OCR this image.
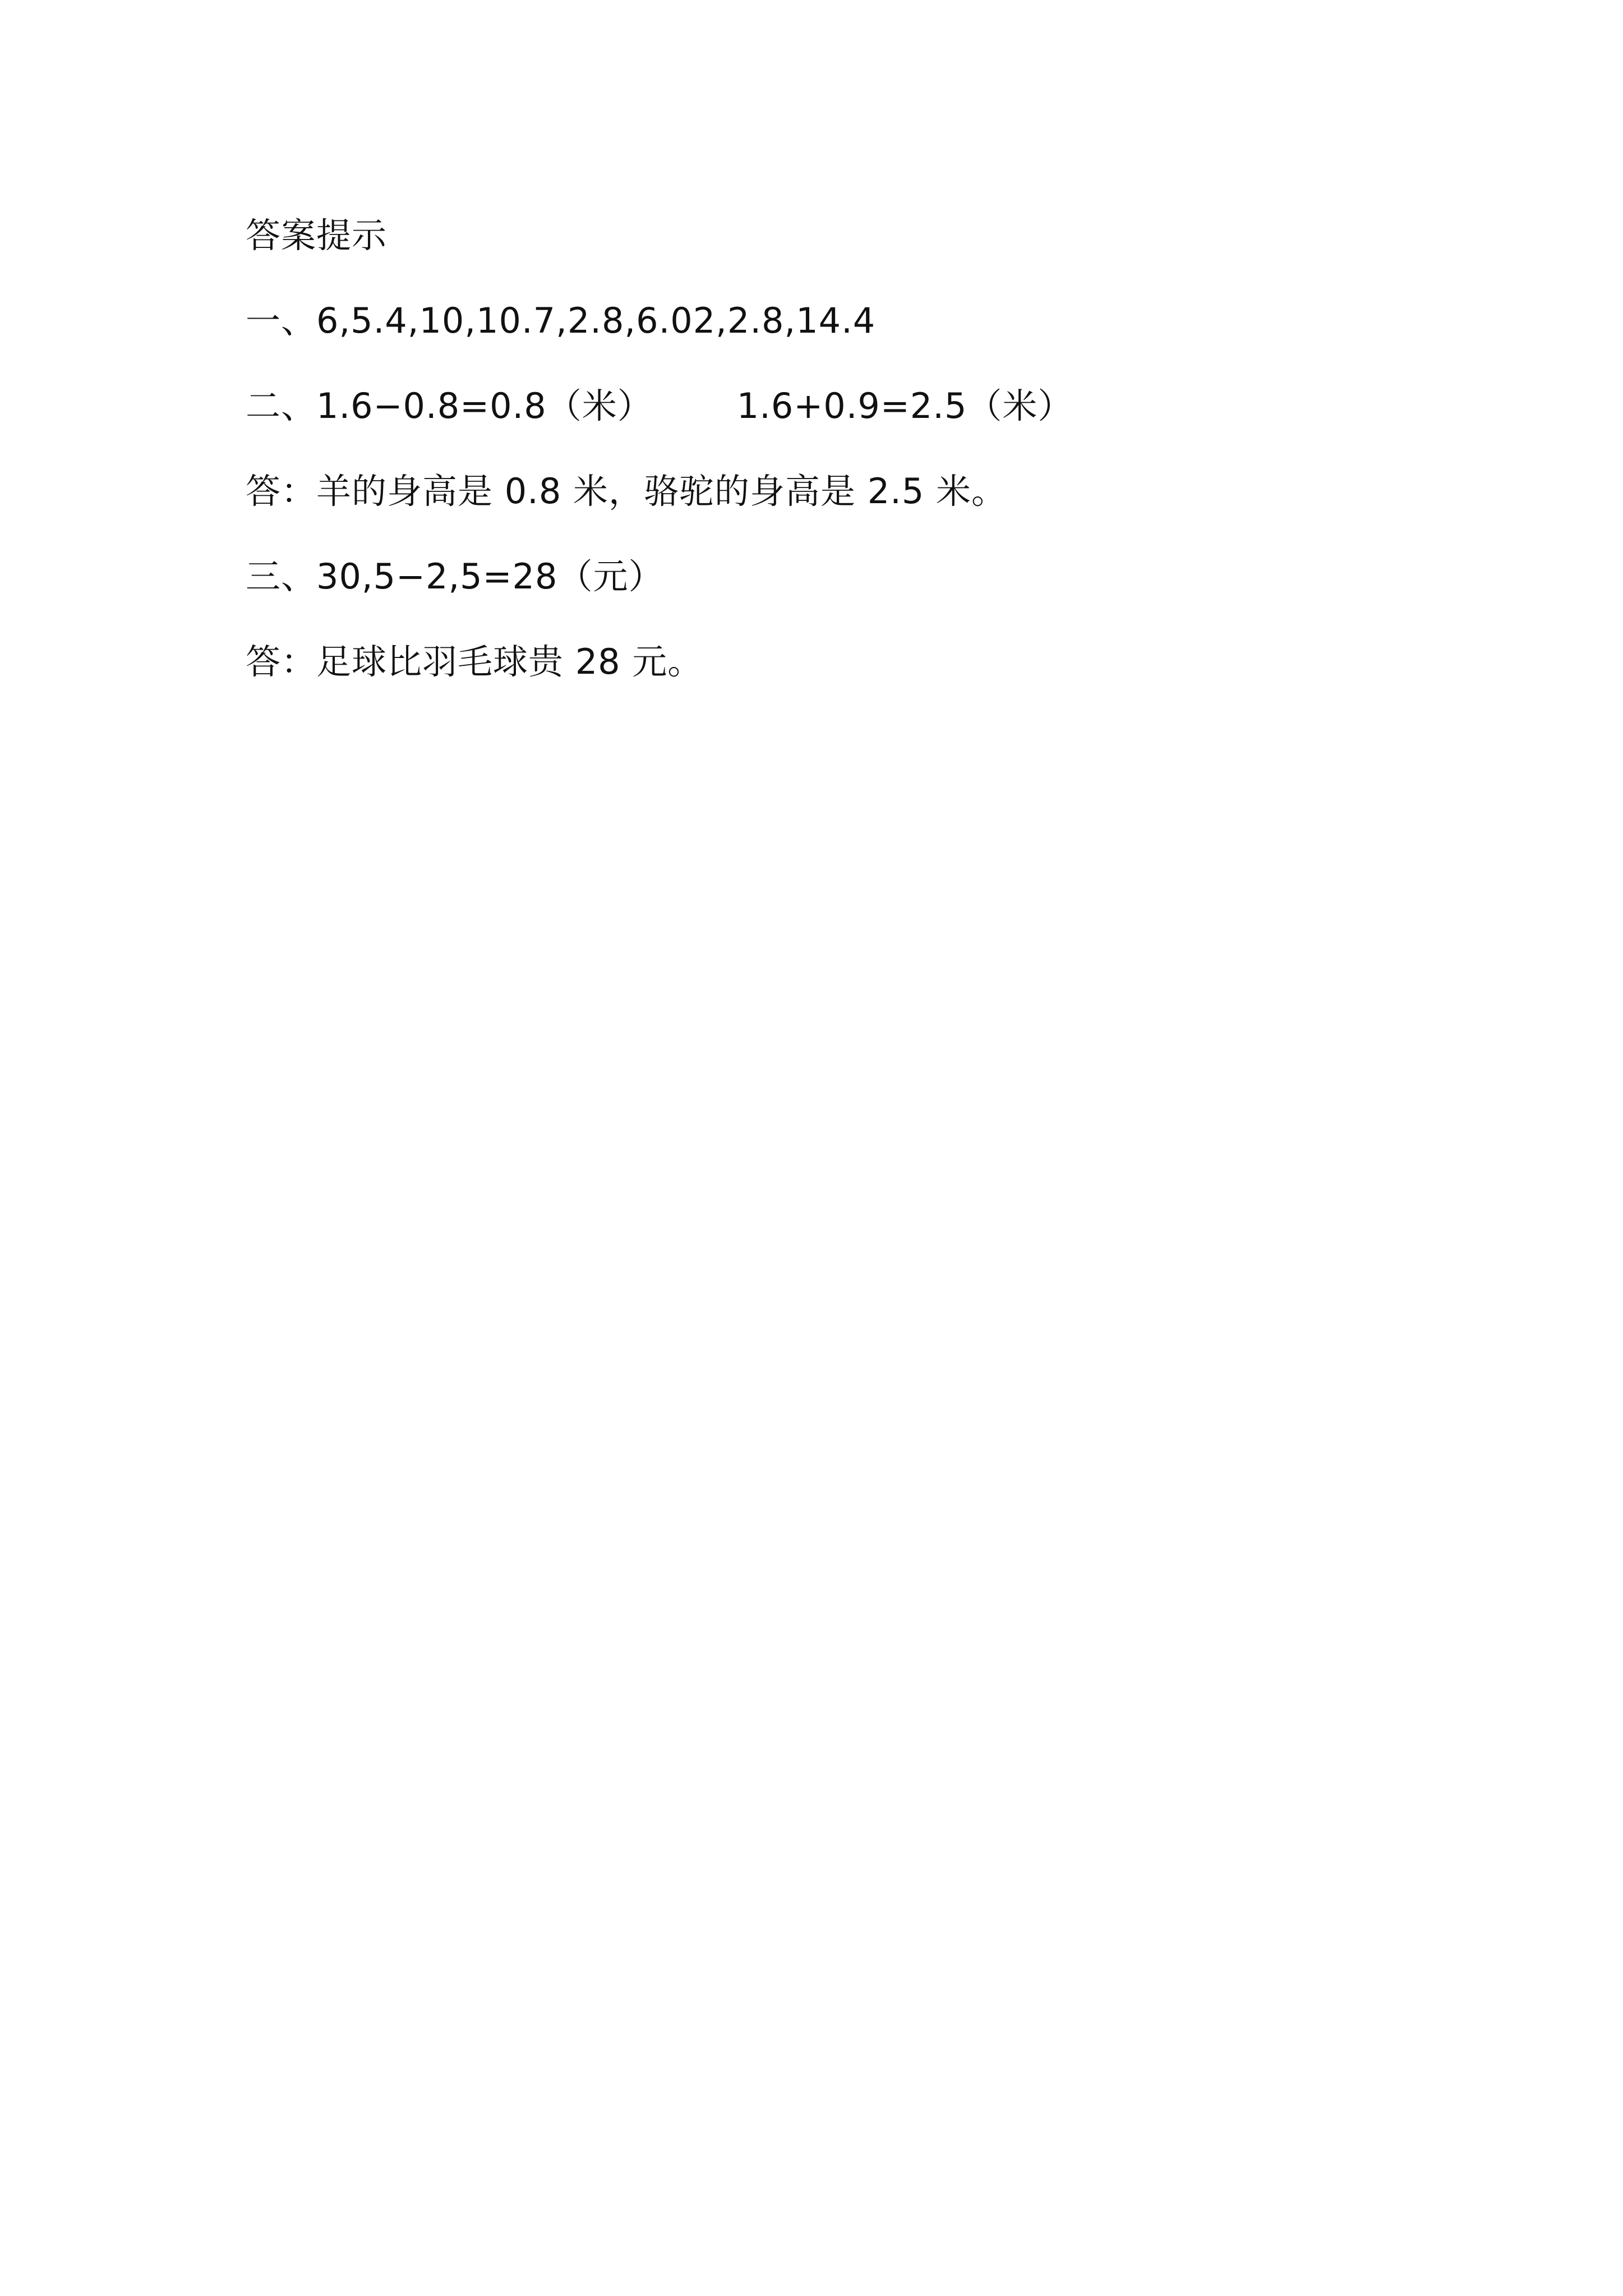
答案提示
一、6,5.4,10,10.7,2.8,6.02,2.8,14.4
二、1.6−0.8=0.8（米） 1.6+0.9=2.5（米）
答：羊的身高是 0.8 米，骆驼的身高是 2.5 米。
三、30,5−2,5=28（元）
答：足球比羽毛球贵 28 元。
